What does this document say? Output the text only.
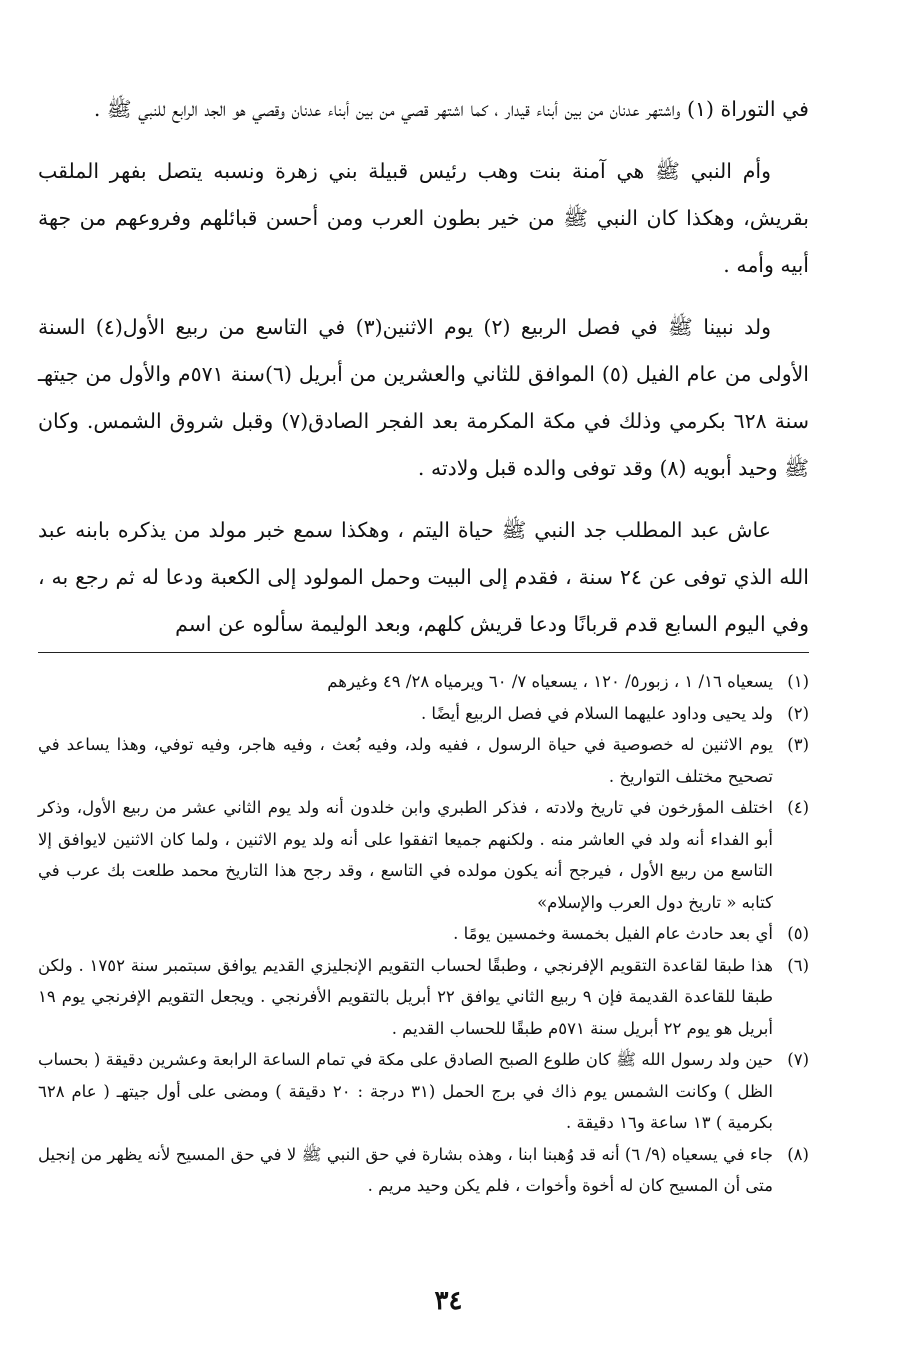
في التوراة (١) واشتهر عدنان من بين أبناء قيدار ، كما اشتهر قصي من بين أبناء عدنان وقصي هو الجد الرابع للنبي ﷺ .

وأم النبي ﷺ هي آمنة بنت وهب رئيس قبيلة بني زهرة ونسبه يتصل بفهر الملقب بقريش، وهكذا كان النبي ﷺ من خير بطون العرب ومن أحسن قبائلهم وفروعهم من جهة أبيه وأمه .

ولد نبينا ﷺ في فصل الربيع (٢) يوم الاثنين(٣) في التاسع من ربيع الأول(٤) السنة الأولى من عام الفيل (٥) الموافق للثاني والعشرين من أبريل (٦)سنة ٥٧١م والأول من جيتهـ سنة ٦٢٨ بكرمي وذلك في مكة المكرمة بعد الفجر الصادق(٧) وقبل شروق الشمس. وكان ﷺ وحيد أبويه (٨) وقد توفى والده قبل ولادته .

عاش عبد المطلب جد النبي ﷺ حياة اليتم ، وهكذا سمع خبر مولد من يذكره بابنه عبد الله الذي توفى عن ٢٤ سنة ، فقدم إلى البيت وحمل المولود إلى الكعبة ودعا له ثم رجع به ، وفي اليوم السابع قدم قربانًا ودعا قريش كلهم، وبعد الوليمة سألوه عن اسم

(١)يسعياه ١٦/ ١ ، زبور٥/ ١٢٠ ، يسعياه ٧/ ٦٠ ويرمياه ٢٨/ ٤٩ وغيرهم

(٢)ولد يحيى وداود عليهما السلام في فصل الربيع أيضًا .

(٣)يوم الاثنين له خصوصية في حياة الرسول ، ففيه ولد، وفيه بُعث ، وفيه هاجر، وفيه توفي، وهذا يساعد في تصحيح مختلف التواريخ .

(٤)اختلف المؤرخون في تاريخ ولادته ، فذكر الطبري وابن خلدون أنه ولد يوم الثاني عشر من ربيع الأول، وذكر أبو الفداء أنه ولد في العاشر منه . ولكنهم جميعا اتفقوا على أنه ولد يوم الاثنين ، ولما كان الاثنين لايوافق إلا التاسع من ربيع الأول ، فيرجح أنه يكون مولده في التاسع ، وقد رجح هذا التاريخ محمد طلعت بك عرب في كتابه « تاريخ دول العرب والإسلام»

(٥)أي بعد حادث عام الفيل بخمسة وخمسين يومًا .

(٦)هذا طبقا لقاعدة التقويم الإفرنجي ، وطبقًا لحساب التقويم الإنجليزي القديم يوافق سبتمبر سنة ١٧٥٢ . ولكن طبقا للقاعدة القديمة فإن ٩ ربيع الثاني يوافق ٢٢ أبريل بالتقويم الأفرنجي . ويجعل التقويم الإفرنجي يوم ١٩ أبريل هو يوم ٢٢ أبريل سنة ٥٧١م طبقًا للحساب القديم .

(٧)حين ولد رسول الله ﷺ كان طلوع الصبح الصادق على مكة في تمام الساعة الرابعة وعشرين دقيقة ( بحساب الظل ) وكانت الشمس يوم ذاك في برج الحمل (٣١ درجة : ٢٠ دقيقة ) ومضى على أول جيتهـ ( عام ٦٢٨ بكرمية ) ١٣ ساعة و١٦ دقيقة .

(٨)جاء في يسعياه (٩/ ٦) أنه قد وُهبنا ابنا ، وهذه بشارة في حق النبي ﷺ لا في حق المسيح لأنه يظهر من إنجيل متى أن المسيح كان له أخوة وأخوات ، فلم يكن وحيد مريم .

٣٤
